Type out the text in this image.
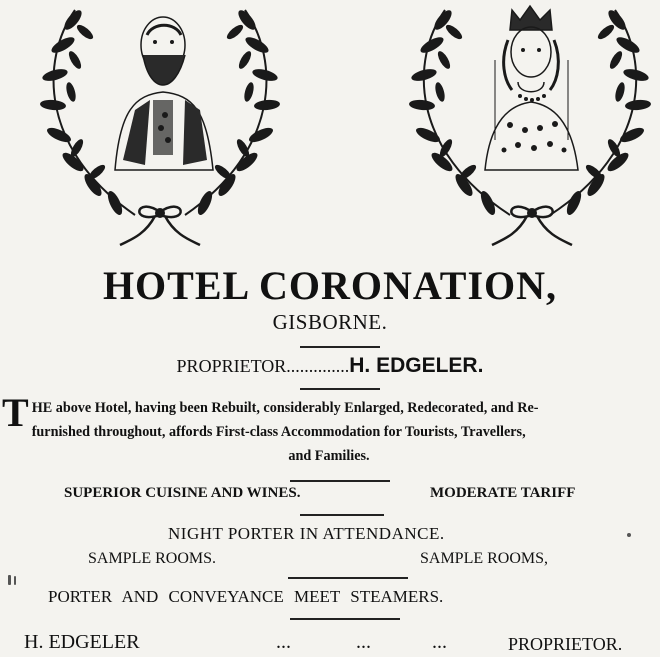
HOTEL CORONATION,
GISBORNE.
PROPRIETOR..............H. EDGELER.
T HE above Hotel, having been Rebuilt, considerably Enlarged, Redecorated, and Re-
furnished throughout, affords First-class Accommodation for Tourists, Travellers,
and Families.
SUPERIOR CUISINE AND WINES.	MODERATE TARIFF
NIGHT PORTER IN ATTENDANCE.
SAMPLE ROOMS.	SAMPLE ROOMS,
PORTER AND CONVEYANCE MEET STEAMERS.
H. EDGELER	...	...	...	PROPRIETOR.
